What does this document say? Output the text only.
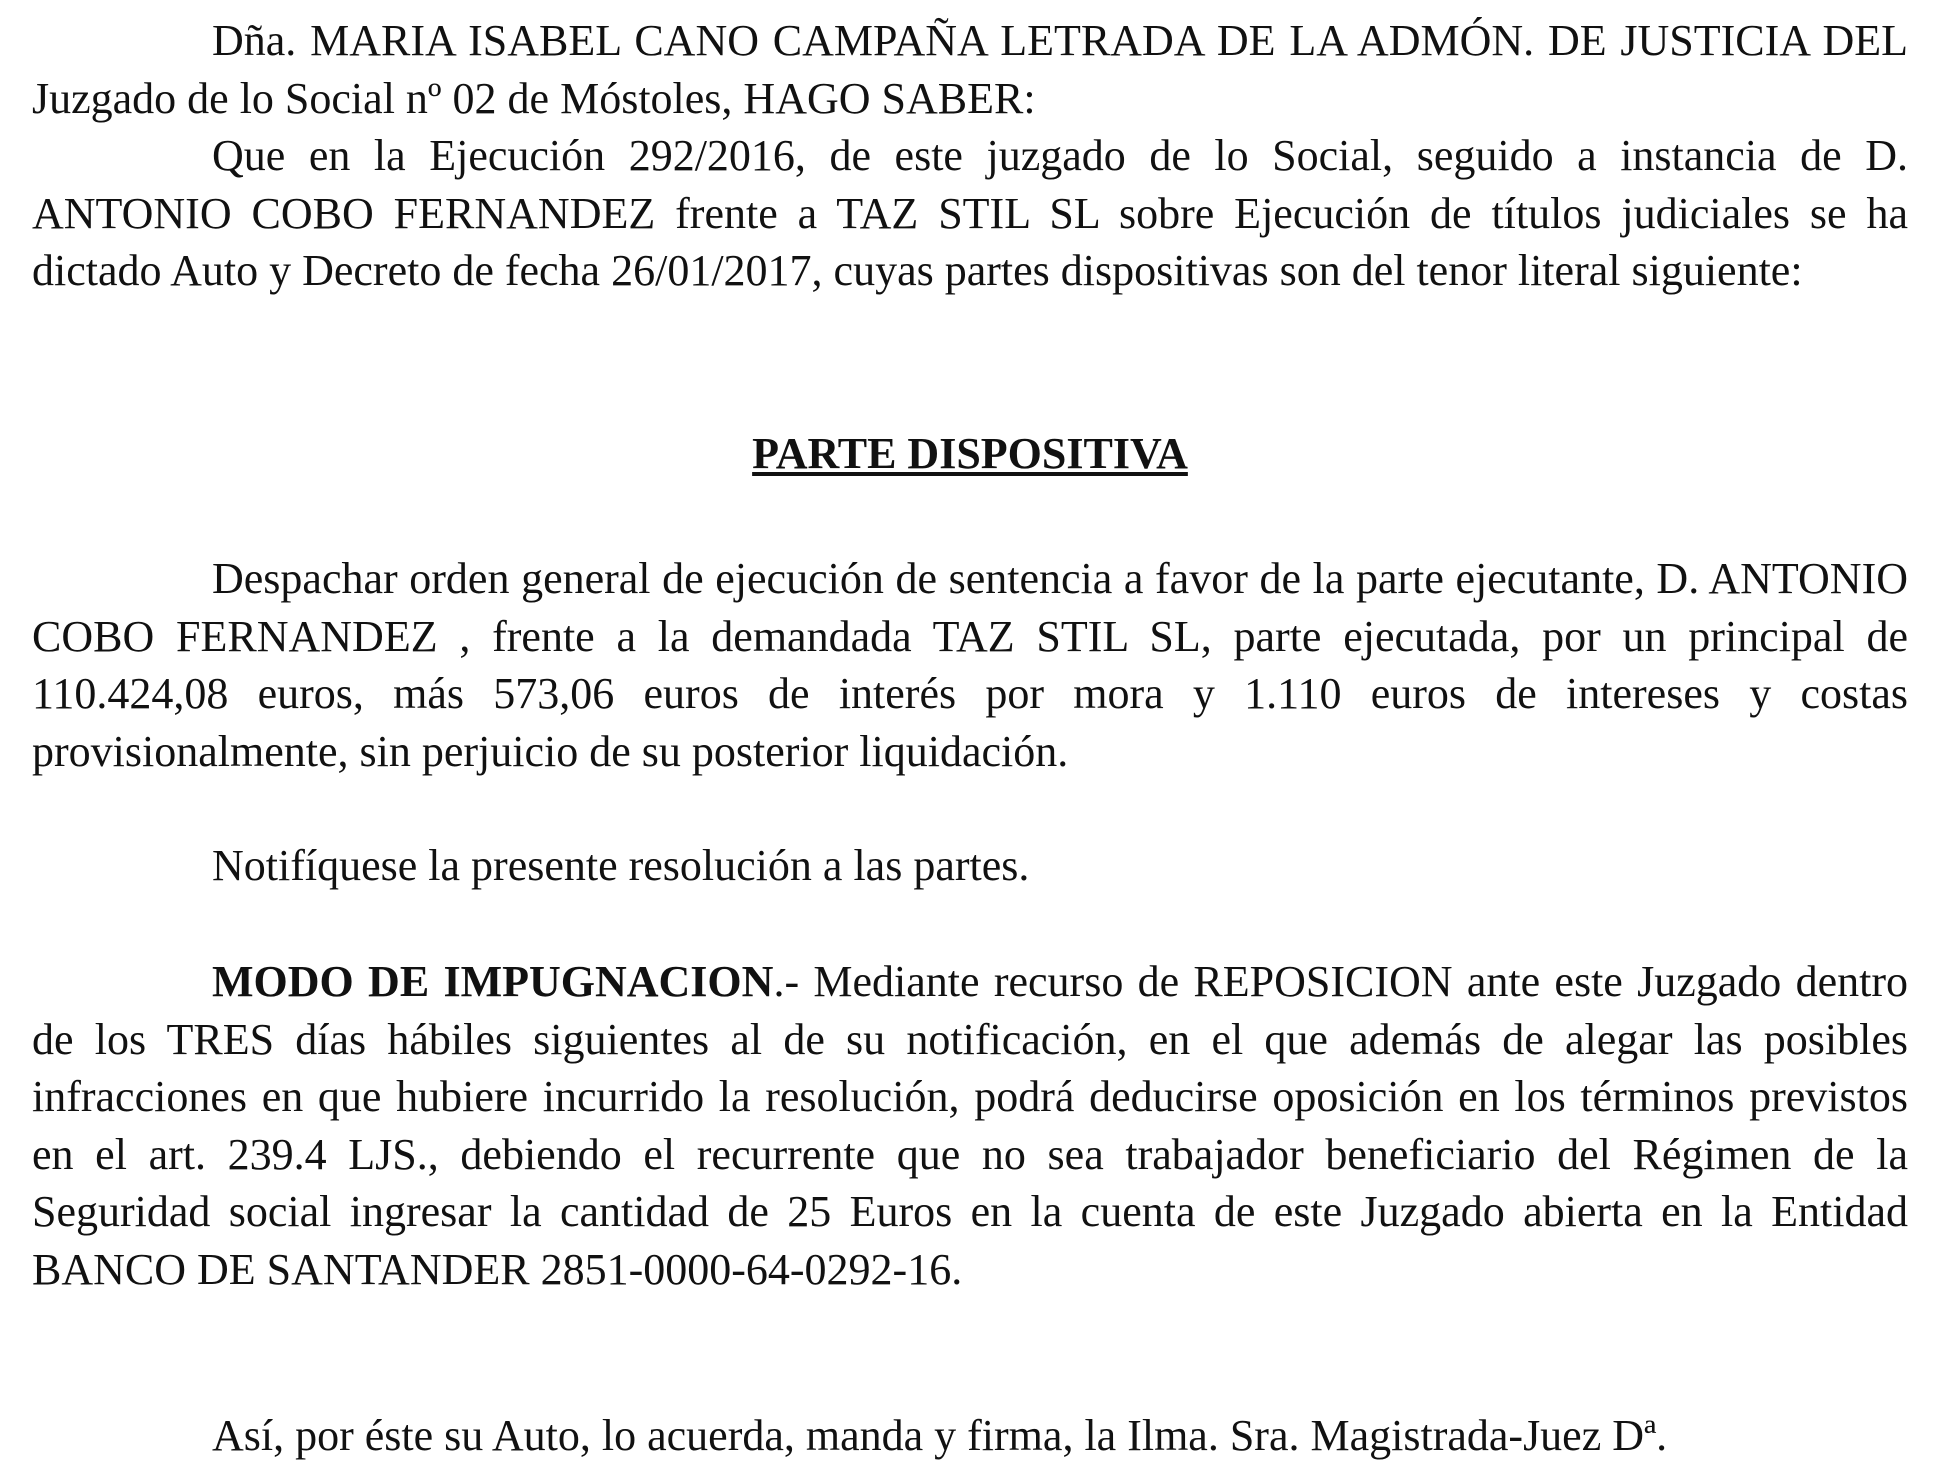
Dña. MARIA ISABEL CANO CAMPAÑA LETRADA DE LA ADMÓN. DE JUSTICIA DEL Juzgado de lo Social nº 02 de Móstoles, HAGO SABER:

Que en la Ejecución 292/2016, de este juzgado de lo Social, seguido a instancia de D. ANTONIO COBO FERNANDEZ frente a TAZ STIL SL sobre Ejecución de títulos judiciales se ha dictado Auto y Decreto de fecha 26/01/2017, cuyas partes dispositivas son del tenor literal siguiente:

PARTE DISPOSITIVA

Despachar orden general de ejecución de sentencia a favor de la parte ejecutante, D. ANTONIO COBO FERNANDEZ , frente a la demandada TAZ STIL SL, parte ejecutada, por un principal de 110.424,08 euros, más 573,06 euros de interés por mora y 1.110 euros de intereses y costas provisionalmente, sin perjuicio de su posterior liquidación.

Notifíquese la presente resolución a las partes.

MODO DE IMPUGNACION.- Mediante recurso de REPOSICION ante este Juzgado dentro de los TRES días hábiles siguientes al de su notificación, en el que además de alegar las posibles infracciones en que hubiere incurrido la resolución, podrá deducirse oposición en los términos previstos en el art. 239.4 LJS., debiendo el recurrente que no sea trabajador beneficiario del Régimen de la Seguridad social ingresar la cantidad de 25 Euros en la cuenta de este Juzgado abierta en la Entidad BANCO DE SANTANDER 2851-0000-64-0292-16.

Así, por éste su Auto, lo acuerda, manda y firma, la Ilma. Sra. Magistrada-Juez Dª.
